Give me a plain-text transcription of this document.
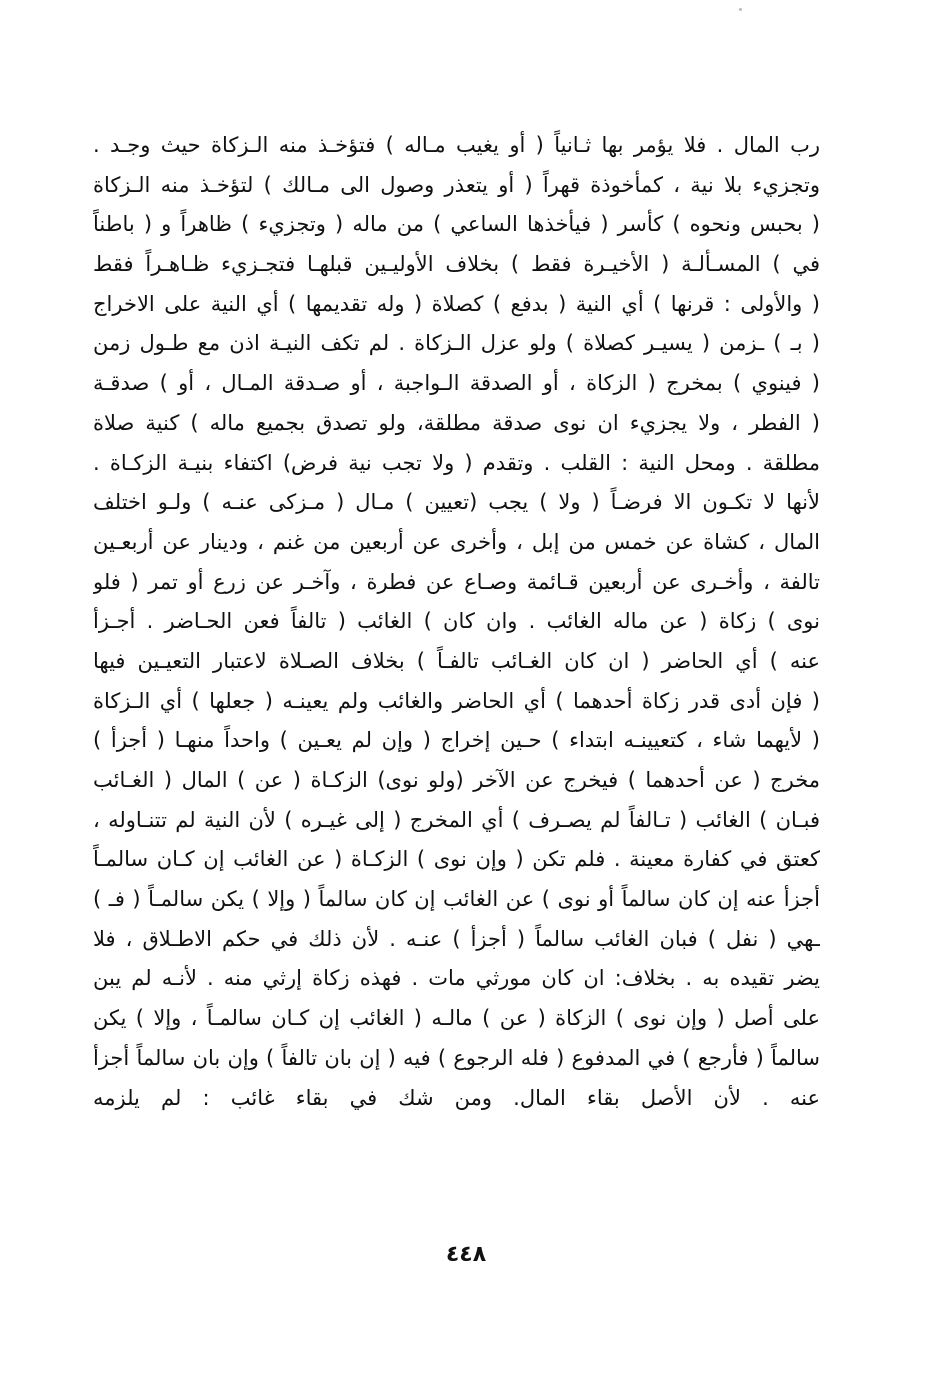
رب المال . فلا يؤمر بها ثـانياً ( أو يغيب مـاله ) فتؤخـذ منه الـزكاة حيث وجـد .
وتجزيء بلا نية ، كمأخوذة قهراً ( أو يتعذر وصول الى مـالك ) لتؤخـذ منه الـزكاة
( بحبس ونحوه ) كأسر ( فيأخذها الساعي ) من ماله ( وتجزيء ) ظاهراً و ( باطناً
في ) المسـألـة ( الأخيـرة فقط ) بخلاف الأوليـين قبلهـا فتجـزيء ظـاهـراً فقط
( والأولى : قرنها ) أي النية ( بدفع ) كصلاة ( وله تقديمها ) أي النية على الاخراج
( بـ ) ـزمن ( يسيـر كصلاة ) ولو عزل الـزكاة . لم تكف النيـة اذن مع طـول زمن
( فينوي ) بمخرج ( الزكاة ، أو الصدقة الـواجبة ، أو صـدقة المـال ، أو ) صدقـة
( الفطر ، ولا يجزيء ان نوى صدقة مطلقة، ولو تصدق بجميع ماله ) كنية صلاة
مطلقة . ومحل النية : القلب . وتقدم ( ولا تجب نية فرض) اكتفاء بنيـة الزكـاة .
لأنها لا تكـون الا فرضـاً ( ولا ) يجب (تعيين ) مـال ( مـزكى عنـه ) ولـو اختلف
المال ، كشاة عن خمس من إبل ، وأخرى عن أربعين من غنم ، ودينار عن أربعـين
تالفة ، وأخـرى عن أربعين قـائمة وصـاع عن فطرة ، وآخـر عن زرع أو تمر ( فلو
نوى ) زكاة ( عن ماله الغائب . وان كان ) الغائب ( تالفاً فعن الحـاضر . أجـزأ
عنه ) أي الحاضر ( ان كان الغـائب تالفـاً ) بخلاف الصـلاة لاعتبار التعيـين فيها
( فإن أدى قدر زكاة أحدهما ) أي الحاضر والغائب ولم يعينـه ( جعلها ) أي الـزكاة
( لأيهما شاء ، كتعيينـه ابتداء ) حـين إخراج ( وإن لم يعـين ) واحداً منهـا ( أجزأ )
مخرج ( عن أحدهما ) فيخرج عن الآخر (ولو نوى) الزكـاة ( عن ) المال ( الغـائب
فبـان ) الغائب ( تـالفاً لم يصـرف ) أي المخرج ( إلى غيـره ) لأن النية لم تتنـاوله ،
كعتق في كفارة معينة . فلم تكن ( وإن نوى ) الزكـاة ( عن الغائب إن كـان سالمـاً
أجزأ عنه إن كان سالماً أو نوى ) عن الغائب إن كان سالماً ( وإلا ) يكن سالمـاً ( فـ )
ـهي ( نفل ) فبان الغائب سالماً ( أجزأ ) عنـه . لأن ذلك في حكم الاطـلاق ، فلا
يضر تقيده به . بخلاف: ان كان مورثي مات . فهذه زكاة إرثي منه . لأنـه لم يبن
على أصل ( وإن نوى ) الزكاة ( عن ) مالـه ( الغائب إن كـان سالمـاً ، وإلا ) يكن
سالماً ( فأرجع ) في المدفوع ( فله الرجوع ) فيه ( إن بان تالفاً ) وإن بان سالماً أجزأ
عنه . لأن الأصل بقاء المال. ومن شك في بقاء غائب : لم يلزمه
٤٤٨
